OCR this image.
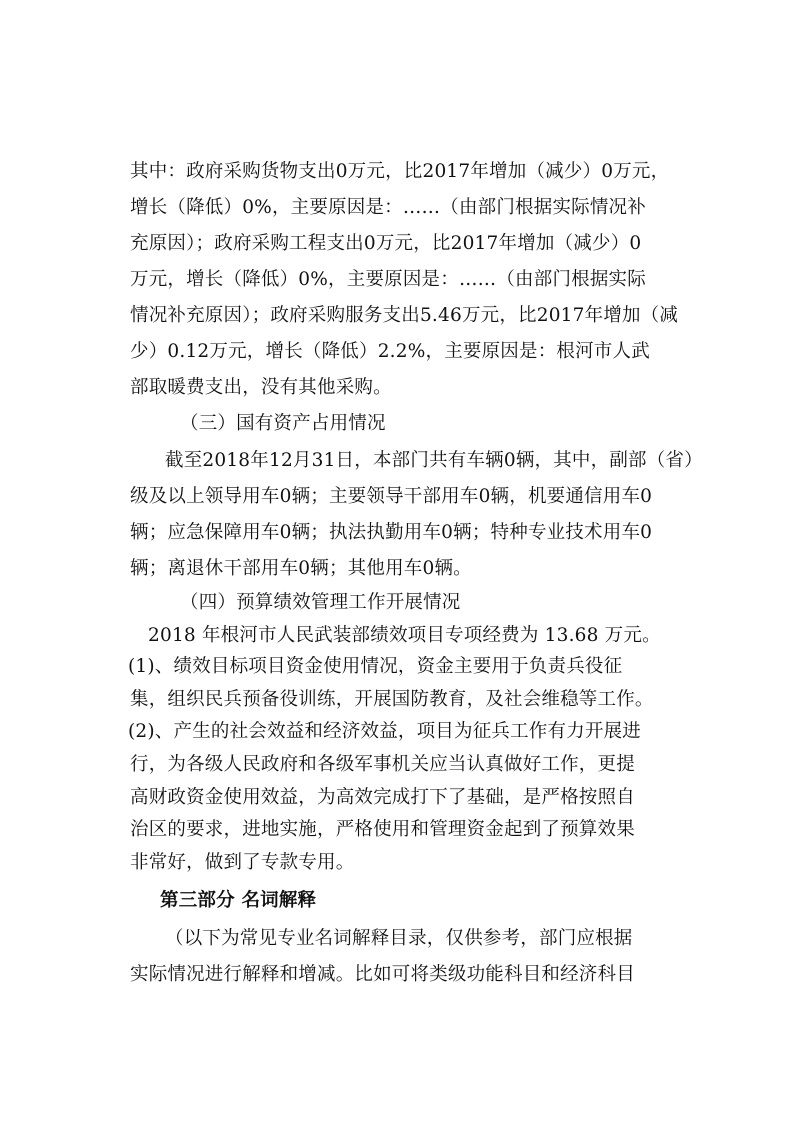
其中：政府采购货物支出0万元，比2017年增加（减少）0万元，
增长（降低）0%，主要原因是：……（由部门根据实际情况补
充原因）；政府采购工程支出0万元，比2017年增加（减少）0
万元，增长（降低）0%，主要原因是：……（由部门根据实际
情况补充原因）；政府采购服务支出5.46万元，比2017年增加（减
少）0.12万元，增长（降低）2.2%，主要原因是：根河市人武
部取暖费支出，没有其他采购。
（三）国有资产占用情况
截至2018年12月31日，本部门共有车辆0辆，其中，副部（省）
级及以上领导用车0辆；主要领导干部用车0辆，机要通信用车0
辆；应急保障用车0辆；执法执勤用车0辆；特种专业技术用车0
辆；离退休干部用车0辆；其他用车0辆。
（四）预算绩效管理工作开展情况
2018 年根河市人民武装部绩效项目专项经费为 13.68 万元。
(1)、绩效目标项目资金使用情况，资金主要用于负责兵役征
集，组织民兵预备役训练，开展国防教育，及社会维稳等工作。
(2)、产生的社会效益和经济效益，项目为征兵工作有力开展进
行，为各级人民政府和各级军事机关应当认真做好工作，更提
高财政资金使用效益，为高效完成打下了基础，是严格按照自
治区的要求，进地实施，严格使用和管理资金起到了预算效果
非常好，做到了专款专用。
第三部分 名词解释
（以下为常见专业名词解释目录，仅供参考，部门应根据
实际情况进行解释和增减。比如可将类级功能科目和经济科目
